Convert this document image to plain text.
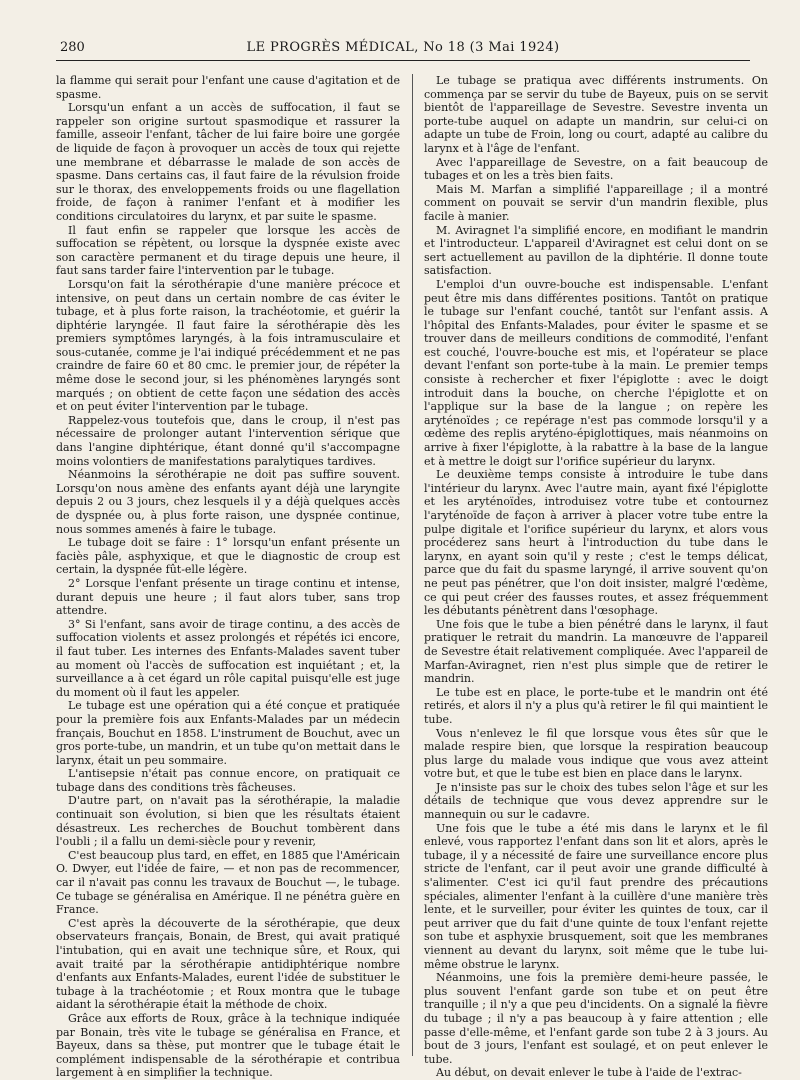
280	LE PROGRÈS MÉDICAL, No 18 (3 Mai 1924)

la flamme qui serait pour l'enfant une cause d'agitation et de spasme.

Lorsqu'un enfant a un accès de suffocation, il faut se rappeler son origine surtout spasmodique et rassurer la famille, asseoir l'enfant, tâcher de lui faire boire une gorgée de liquide de façon à provoquer un accès de toux qui rejette une membrane et débarrasse le malade de son accès de spasme. Dans certains cas, il faut faire de la révulsion froide sur le thorax, des enveloppements froids ou une flagellation froide, de façon à ranimer l'enfant et à modifier les conditions circulatoires du larynx, et par suite le spasme.

Il faut enfin se rappeler que lorsque les accès de suffocation se répètent, ou lorsque la dyspnée existe avec son caractère permanent et du tirage depuis une heure, il faut sans tarder faire l'intervention par le tubage.

Lorsqu'on fait la sérothérapie d'une manière précoce et intensive, on peut dans un certain nombre de cas éviter le tubage, et à plus forte raison, la trachéotomie, et guérir la diphtérie laryngée. Il faut faire la sérothérapie dès les premiers symptômes laryngés, à la fois intramusculaire et sous-cutanée, comme je l'ai indiqué précédemment et ne pas craindre de faire 60 et 80 cmc. le premier jour, de répéter la même dose le second jour, si les phénomènes laryngés sont marqués ; on obtient de cette façon une sédation des accès et on peut éviter l'intervention par le tubage.

Rappelez-vous toutefois que, dans le croup, il n'est pas nécessaire de prolonger autant l'intervention sérique que dans l'angine diphtérique, étant donné qu'il s'accompagne moins volontiers de manifestations paralytiques tardives.

Néanmoins la sérothérapie ne doit pas suffire souvent. Lorsqu'on nous amène des enfants ayant déjà une laryngite depuis 2 ou 3 jours, chez lesquels il y a déjà quelques accès de dyspnée ou, à plus forte raison, une dyspnée continue, nous sommes amenés à faire le tubage.

Le tubage doit se faire : 1° lorsqu'un enfant présente un faciès pâle, asphyxique, et que le diagnostic de croup est certain, la dyspnée fût-elle légère.

2° Lorsque l'enfant présente un tirage continu et intense, durant depuis une heure ; il faut alors tuber, sans trop attendre.

3° Si l'enfant, sans avoir de tirage continu, a des accès de suffocation violents et assez prolongés et répétés ici encore, il faut tuber. Les internes des Enfants-Malades savent tuber au moment où l'accès de suffocation est inquiétant ; et, la surveillance a à cet égard un rôle capital puisqu'elle est juge du moment où il faut les appeler.

Le tubage est une opération qui a été conçue et pratiquée pour la première fois aux Enfants-Malades par un médecin français, Bouchut en 1858. L'instrument de Bouchut, avec un gros porte-tube, un mandrin, et un tube qu'on mettait dans le larynx, était un peu sommaire.

L'antisepsie n'était pas connue encore, on pratiquait ce tubage dans des conditions très fâcheuses.

D'autre part, on n'avait pas la sérothérapie, la maladie continuait son évolution, si bien que les résultats étaient désastreux. Les recherches de Bouchut tombèrent dans l'oubli ; il a fallu un demi-siècle pour y revenir,

C'est beaucoup plus tard, en effet, en 1885 que l'Américain O. Dwyer, eut l'idée de faire, — et non pas de recommencer, car il n'avait pas connu les travaux de Bouchut —, le tubage. Ce tubage se généralisa en Amérique. Il ne pénétra guère en France.

C'est après la découverte de la sérothérapie, que deux observateurs français, Bonain, de Brest, qui avait pratiqué l'intubation, qui en avait une technique sûre, et Roux, qui avait traité par la sérothérapie antidiphtérique nombre d'enfants aux Enfants-Malades, eurent l'idée de substituer le tubage à la trachéotomie ; et Roux montra que le tubage aidant la sérothérapie était la méthode de choix.

Grâce aux efforts de Roux, grâce à la technique indiquée par Bonain, très vite le tubage se généralisa en France, et Bayeux, dans sa thèse, put montrer que le tubage était le complément indispensable de la sérothérapie et contribua largement à en simplifier la technique.

Le tubage se pratiqua avec différents instruments. On commença par se servir du tube de Bayeux, puis on se servit bientôt de l'appareillage de Sevestre. Sevestre inventa un porte-tube auquel on adapte un mandrin, sur celui-ci on adapte un tube de Froin, long ou court, adapté au calibre du larynx et à l'âge de l'enfant.

Avec l'appareillage de Sevestre, on a fait beaucoup de tubages et on les a très bien faits.

Mais M. Marfan a simplifié l'appareillage ; il a montré comment on pouvait se servir d'un mandrin flexible, plus facile à manier.

M. Aviragnet l'a simplifié encore, en modifiant le mandrin et l'introducteur. L'appareil d'Aviragnet est celui dont on se sert actuellement au pavillon de la diphtérie. Il donne toute satisfaction.

L'emploi d'un ouvre-bouche est indispensable. L'enfant peut être mis dans différentes positions. Tantôt on pratique le tubage sur l'enfant couché, tantôt sur l'enfant assis. A l'hôpital des Enfants-Malades, pour éviter le spasme et se trouver dans de meilleurs conditions de commodité, l'enfant est couché, l'ouvre-bouche est mis, et l'opérateur se place devant l'enfant son porte-tube à la main. Le premier temps consiste à rechercher et fixer l'épiglotte : avec le doigt introduit dans la bouche, on cherche l'épiglotte et on l'applique sur la base de la langue ; on repère les aryténoïdes ; ce repérage n'est pas commode lorsqu'il y a œdème des replis aryténo-épiglottiques, mais néanmoins on arrive à fixer l'épiglotte, à la rabattre à la base de la langue et à mettre le doigt sur l'orifice supérieur du larynx.

Le deuxième temps consiste à introduire le tube dans l'intérieur du larynx. Avec l'autre main, ayant fixé l'épiglotte et les aryténoïdes, introduisez votre tube et contournez l'aryténoïde de façon à arriver à placer votre tube entre la pulpe digitale et l'orifice supérieur du larynx, et alors vous procéderez sans heurt à l'introduction du tube dans le larynx, en ayant soin qu'il y reste ; c'est le temps délicat, parce que du fait du spasme laryngé, il arrive souvent qu'on ne peut pas pénétrer, que l'on doit insister, malgré l'œdème, ce qui peut créer des fausses routes, et assez fréquemment les débutants pénètrent dans l'œsophage.

Une fois que le tube a bien pénétré dans le larynx, il faut pratiquer le retrait du mandrin. La manœuvre de l'appareil de Sevestre était relativement compliquée. Avec l'appareil de Marfan-Aviragnet, rien n'est plus simple que de retirer le mandrin.

Le tube est en place, le porte-tube et le mandrin ont été retirés, et alors il n'y a plus qu'à retirer le fil qui maintient le tube.

Vous n'enlevez le fil que lorsque vous êtes sûr que le malade respire bien, que lorsque la respiration beaucoup plus large du malade vous indique que vous avez atteint votre but, et que le tube est bien en place dans le larynx.

Je n'insiste pas sur le choix des tubes selon l'âge et sur les détails de technique que vous devez apprendre sur le mannequin ou sur le cadavre.

Une fois que le tube a été mis dans le larynx et le fil enlevé, vous rapportez l'enfant dans son lit et alors, après le tubage, il y a nécessité de faire une surveillance encore plus stricte de l'enfant, car il peut avoir une grande difficulté à s'alimenter. C'est ici qu'il faut prendre des précautions spéciales, alimenter l'enfant à la cuillère d'une manière très lente, et le surveiller, pour éviter les quintes de toux, car il peut arriver que du fait d'une quinte de toux l'enfant rejette son tube et asphyxie brusquement, soit que les membranes viennent au devant du larynx, soit même que le tube lui-même obstrue le larynx.

Néanmoins, une fois la première demi-heure passée, le plus souvent l'enfant garde son tube et on peut être tranquille ; il n'y a que peu d'incidents. On a signalé la fièvre du tubage ; il n'y a pas beaucoup à y faire attention ; elle passe d'elle-même, et l'enfant garde son tube 2 à 3 jours. Au bout de 3 jours, l'enfant est soulagé, et on peut enlever le tube.

Au début, on devait enlever le tube à l'aide de l'extrac-
